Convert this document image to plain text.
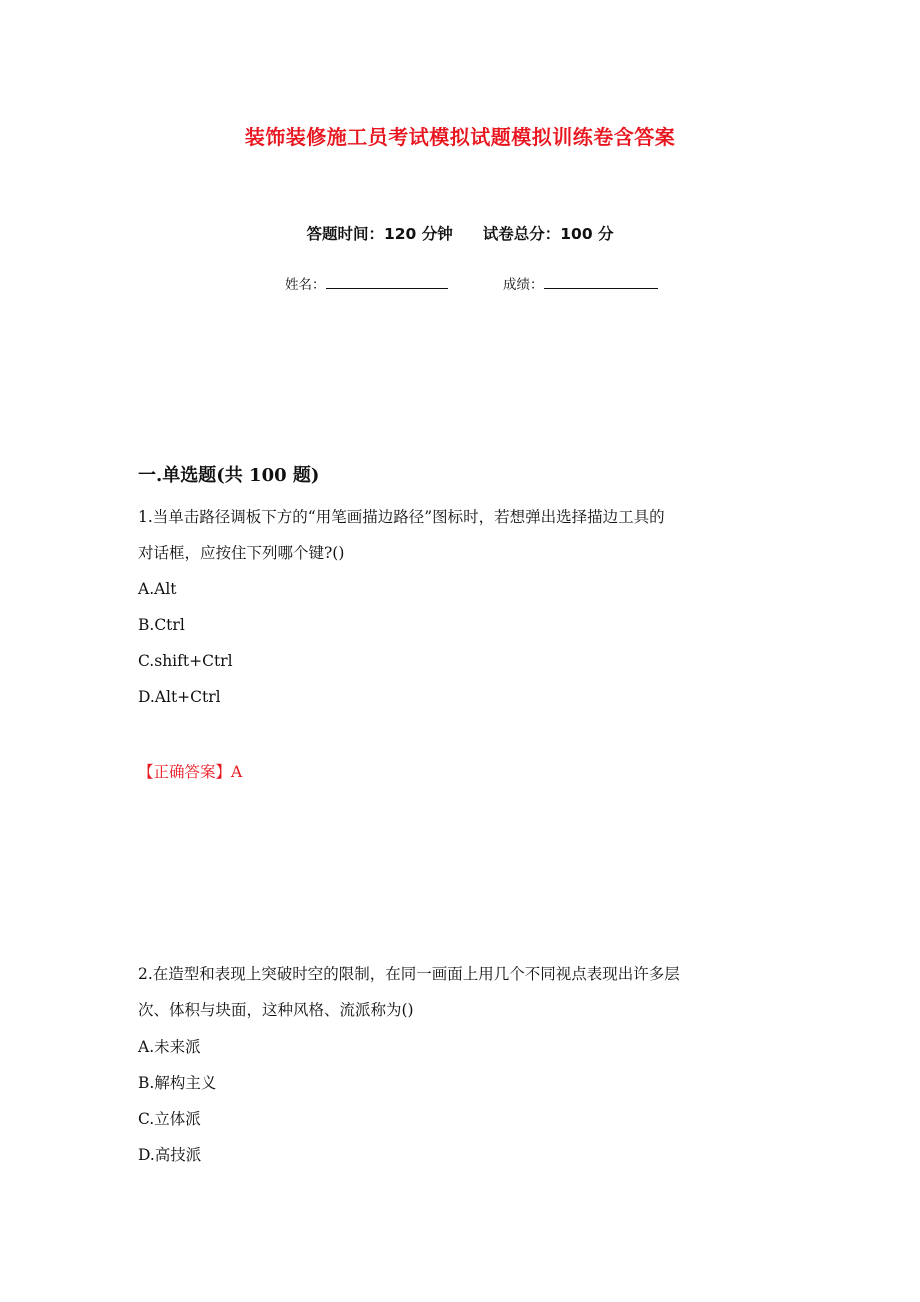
装饰装修施工员考试模拟试题模拟训练卷含答案
答题时间：120 分钟 试卷总分：100 分
姓名：	成绩：
一.单选题(共 100 题)
1.当单击路径调板下方的“用笔画描边路径”图标时，若想弹出选择描边工具的
对话框，应按住下列哪个键?()
A.Alt
B.Ctrl
C.shift+Ctrl
D.Alt+Ctrl
【正确答案】A
2.在造型和表现上突破时空的限制，在同一画面上用几个不同视点表现出许多层
次、体积与块面，这种风格、流派称为()
A.未来派
B.解构主义
C.立体派
D.高技派
